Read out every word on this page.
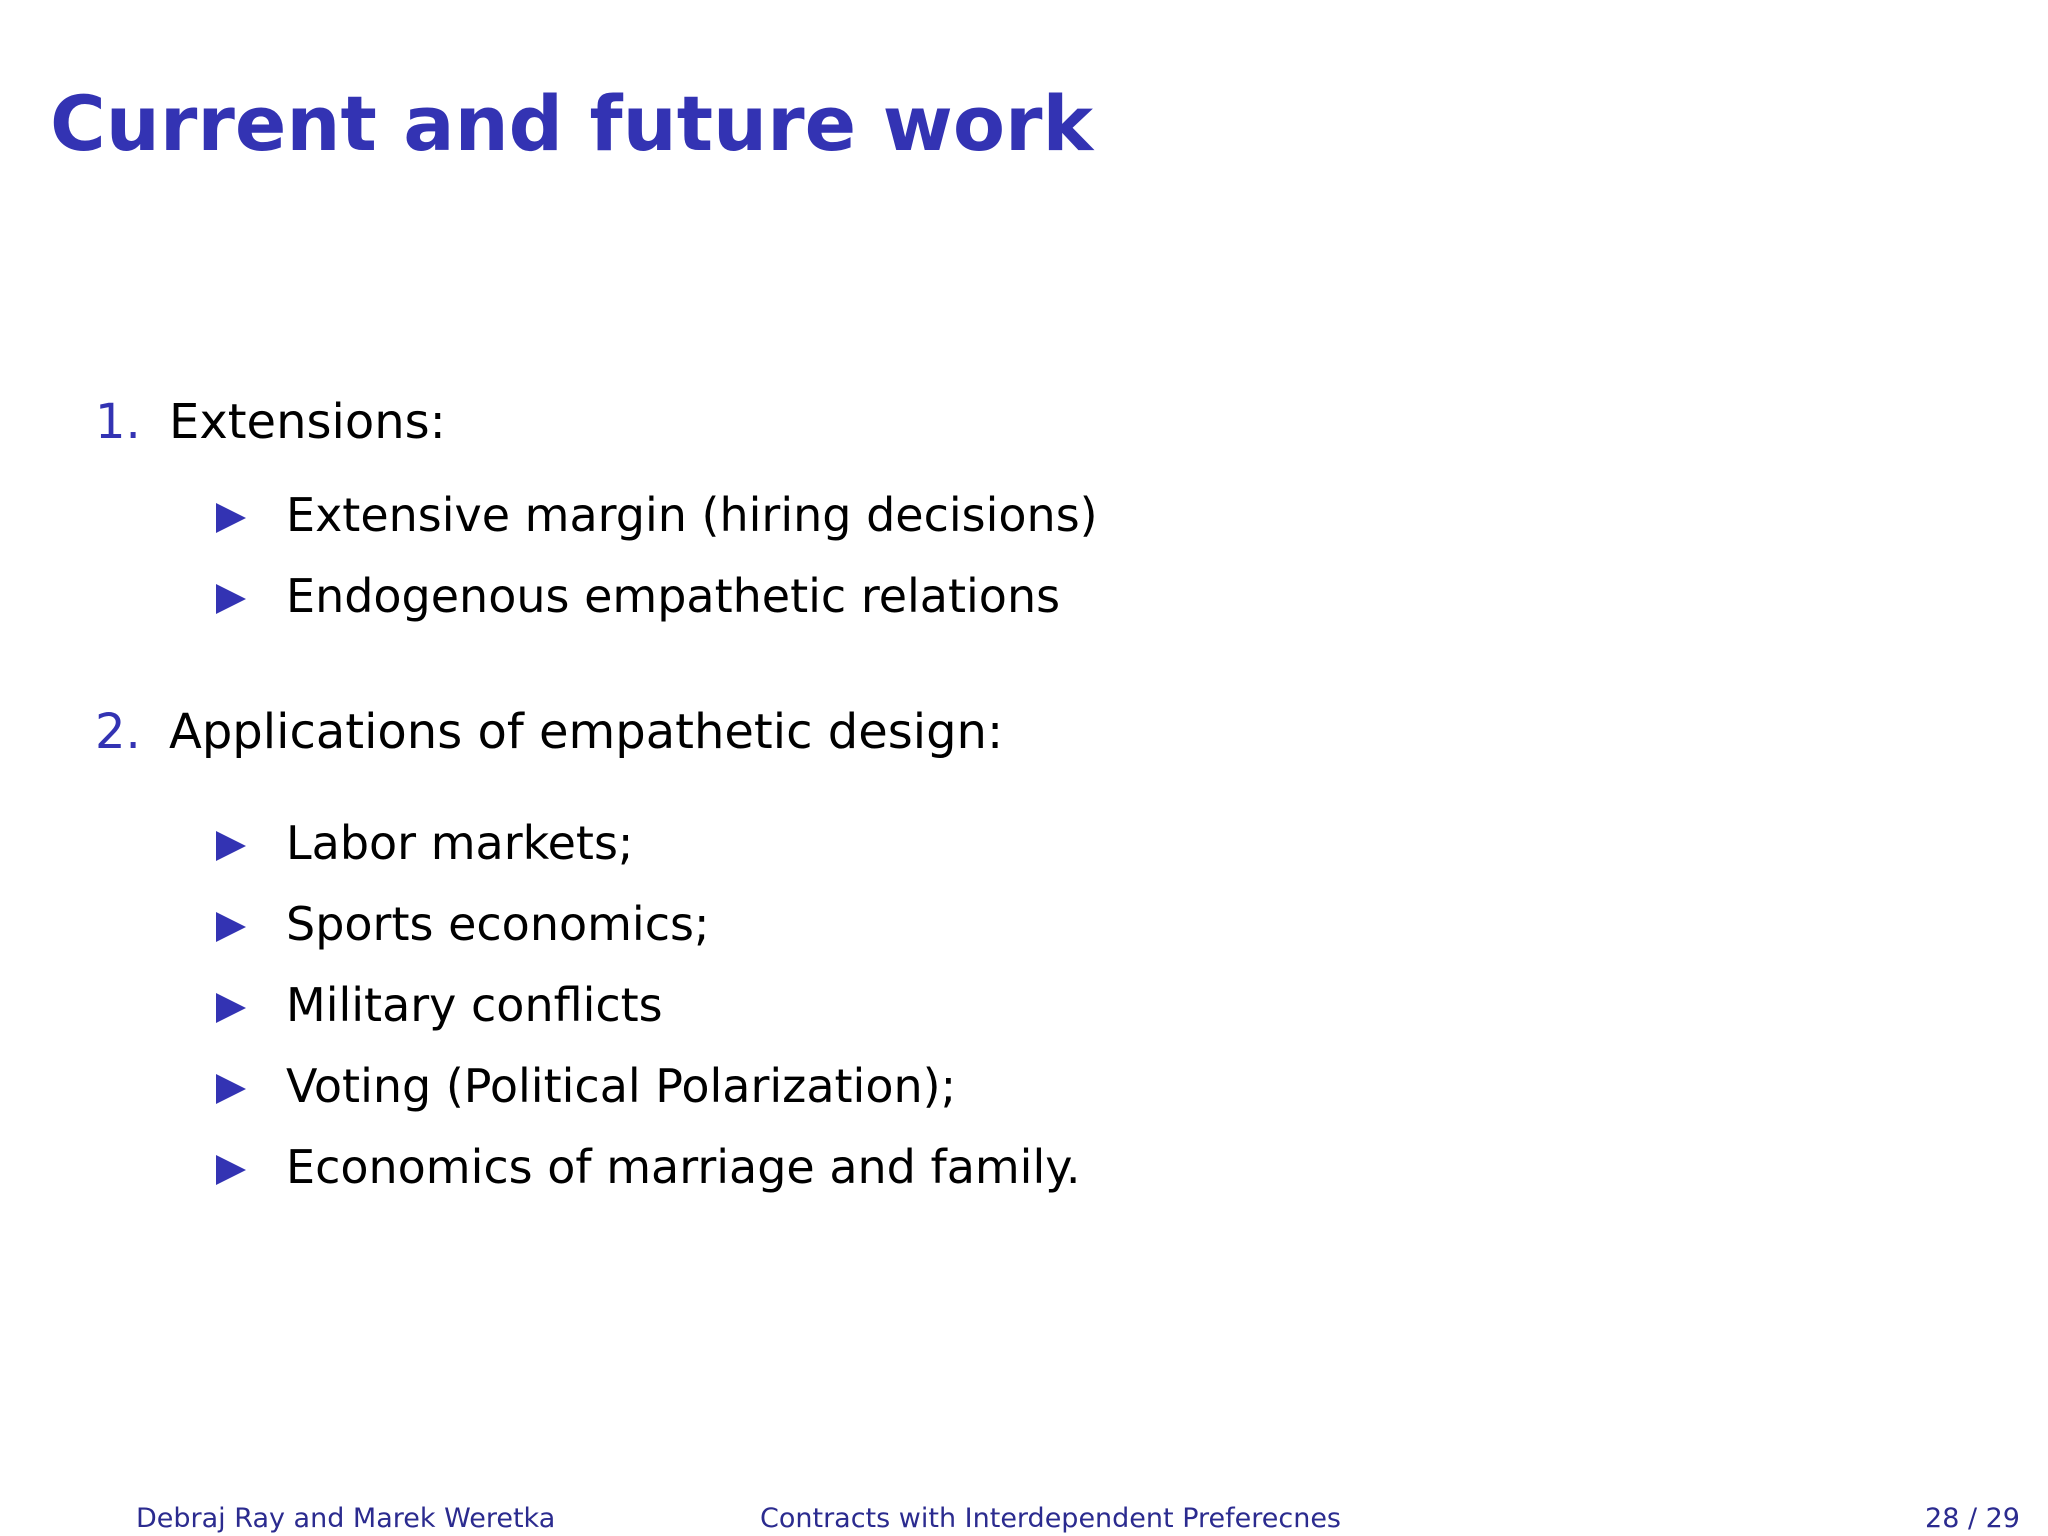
Current and future work
1. Extensions:
Extensive margin (hiring decisions)
Endogenous empathetic relations
2. Applications of empathetic design:
Labor markets;
Sports economics;
Military conflicts
Voting (Political Polarization);
Economics of marriage and family.
Debraj Ray and Marek Weretka	Contracts with Interdependent Preferecnes	28 / 29
